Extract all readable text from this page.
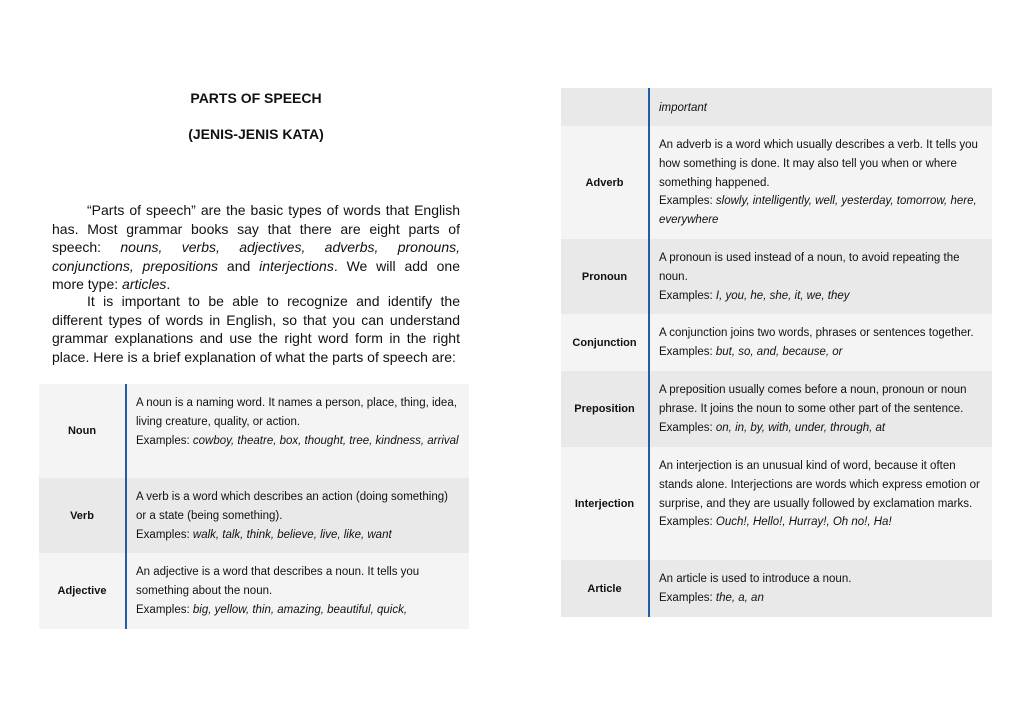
PARTS OF SPEECH
(JENIS-JENIS KATA)

“Parts of speech” are the basic types of words that English has. Most grammar books say that there are eight parts of speech: nouns, verbs, adjectives, adverbs, pronouns, conjunctions, prepositions and interjections. We will add one more type: articles.

It is important to be able to recognize and identify the different types of words in English, so that you can understand grammar explanations and use the right word form in the right place. Here is a brief explanation of what the parts of speech are:

Noun	A noun is a naming word. It names a person, place, thing, idea, living creature, quality, or action.
Examples: cowboy, theatre, box, thought, tree, kindness, arrival
Verb	A verb is a word which describes an action (doing something) or a state (being something).
Examples: walk, talk, think, believe, live, like, want
Adjective	An adjective is a word that describes a noun. It tells you something about the noun.
Examples: big, yellow, thin, amazing, beautiful, quick,
	important
Adverb	An adverb is a word which usually describes a verb. It tells you how something is done. It may also tell you when or where something happened.
Examples: slowly, intelligently, well, yesterday, tomorrow, here, everywhere
Pronoun	A pronoun is used instead of a noun, to avoid repeating the noun.
Examples: I, you, he, she, it, we, they
Conjunction	A conjunction joins two words, phrases or sentences together.
Examples: but, so, and, because, or
Preposition	A preposition usually comes before a noun, pronoun or noun phrase. It joins the noun to some other part of the sentence.
Examples: on, in, by, with, under, through, at
Interjection	An interjection is an unusual kind of word, because it often stands alone. Interjections are words which express emotion or surprise, and they are usually followed by exclamation marks.
Examples: Ouch!, Hello!, Hurray!, Oh no!, Ha!
Article	An article is used to introduce a noun.
Examples: the, a, an
